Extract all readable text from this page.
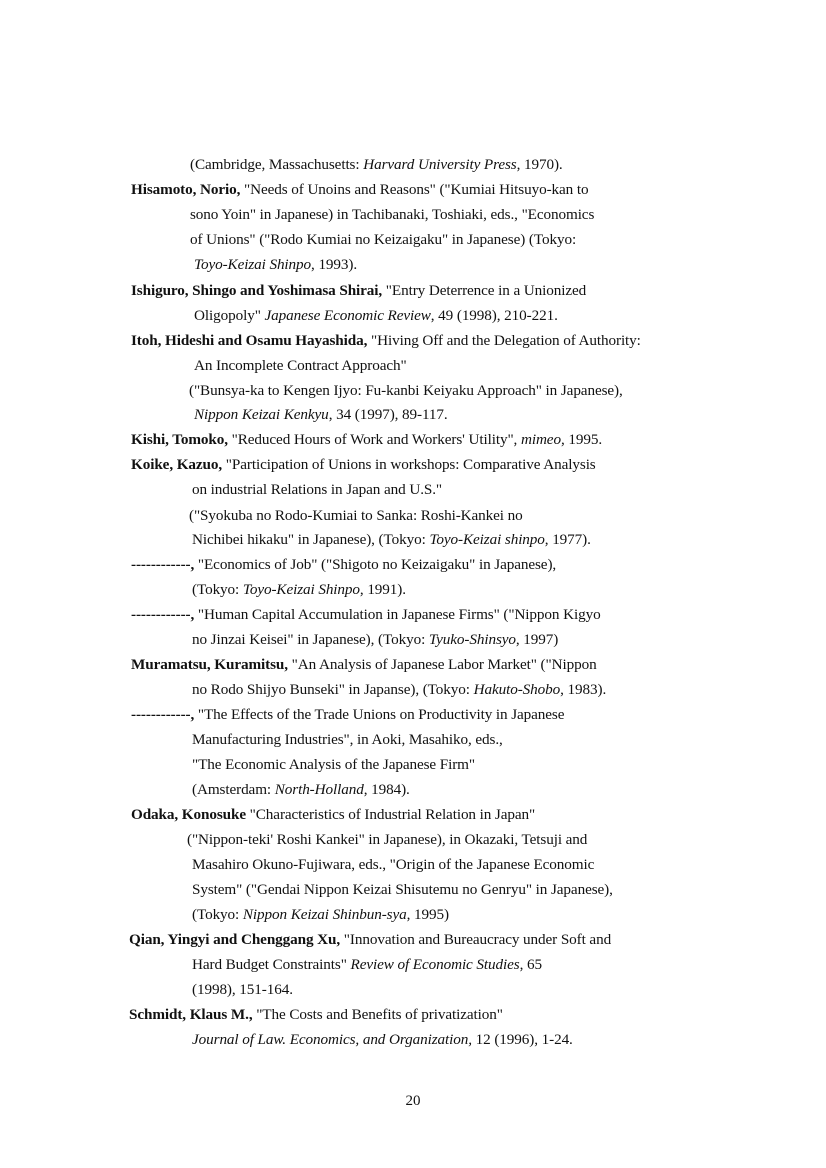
(Cambridge, Massachusetts: Harvard University Press, 1970).
Hisamoto, Norio, "Needs of Unoins and Reasons" ("Kumiai Hitsuyo-kan to
sono Yoin" in Japanese) in Tachibanaki, Toshiaki, eds., "Economics
of Unions" ("Rodo Kumiai no Keizaigaku" in Japanese) (Tokyo:
Toyo-Keizai Shinpo, 1993).
Ishiguro, Shingo and Yoshimasa Shirai, "Entry Deterrence in a Unionized
Oligopoly" Japanese Economic Review, 49 (1998), 210-221.
Itoh, Hideshi and Osamu Hayashida, "Hiving Off and the Delegation of Authority:
An Incomplete Contract Approach"
("Bunsya-ka to Kengen Ijyo: Fu-kanbi Keiyaku Approach" in Japanese),
Nippon Keizai Kenkyu, 34 (1997), 89-117.
Kishi, Tomoko, "Reduced Hours of Work and Workers' Utility", mimeo, 1995.
Koike, Kazuo, "Participation of Unions in workshops: Comparative Analysis
on industrial Relations in Japan and U.S."
("Syokuba no Rodo-Kumiai to Sanka: Roshi-Kankei no
Nichibei hikaku" in Japanese), (Tokyo: Toyo-Keizai shinpo, 1977).
------------, "Economics of Job" ("Shigoto no Keizaigaku" in Japanese),
(Tokyo: Toyo-Keizai Shinpo, 1991).
------------, "Human Capital Accumulation in Japanese Firms" ("Nippon Kigyo
no Jinzai Keisei" in Japanese), (Tokyo: Tyuko-Shinsyo, 1997)
Muramatsu, Kuramitsu, "An Analysis of Japanese Labor Market" ("Nippon
no Rodo Shijyo Bunseki" in Japanse), (Tokyo: Hakuto-Shobo, 1983).
------------, "The Effects of the Trade Unions on Productivity in Japanese
Manufacturing Industries", in Aoki, Masahiko, eds.,
"The Economic Analysis of the Japanese Firm"
(Amsterdam: North-Holland, 1984).
Odaka, Konosuke "Characteristics of Industrial Relation in Japan"
("Nippon-teki' Roshi Kankei" in Japanese), in Okazaki, Tetsuji and
Masahiro Okuno-Fujiwara, eds., "Origin of the Japanese Economic
System" ("Gendai Nippon Keizai Shisutemu no Genryu" in Japanese),
(Tokyo: Nippon Keizai Shinbun-sya, 1995)
Qian, Yingyi and Chenggang Xu, "Innovation and Bureaucracy under Soft and
Hard Budget Constraints" Review of Economic Studies, 65
(1998), 151-164.
Schmidt, Klaus M., "The Costs and Benefits of privatization"
Journal of Law. Economics, and Organization, 12 (1996), 1-24.
20
